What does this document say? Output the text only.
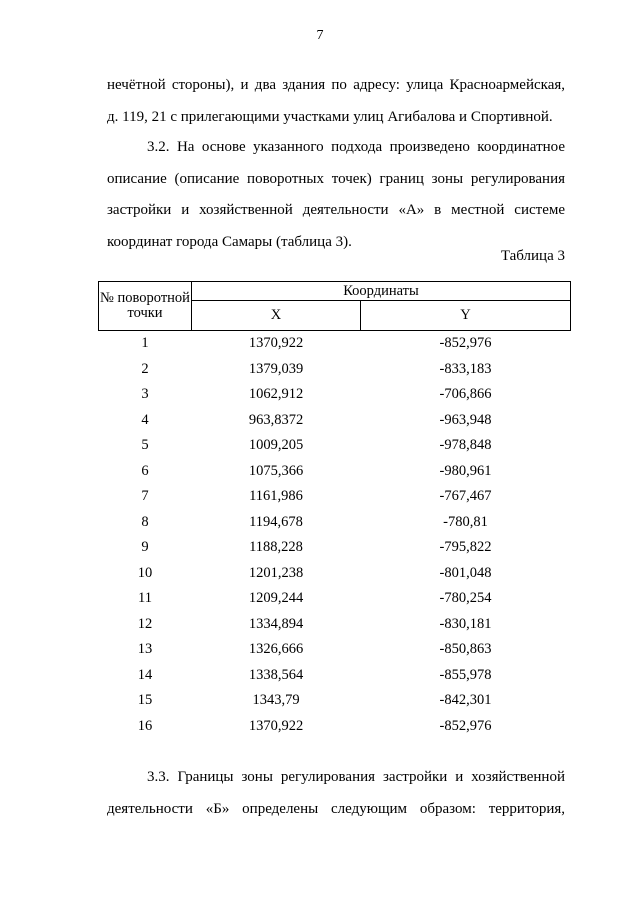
7

нечётной стороны), и два здания по адресу: улица Красноармейская,
д. 119, 21 с прилегающими участками улиц Агибалова и Спортивной.

3.2. На основе указанного подхода произведено координатное
описание (описание поворотных точек) границ зоны регулирования
застройки и хозяйственной деятельности «А» в местной системе
координат города Самары (таблица 3).

Таблица 3
№ поворотной точки	Координаты	
	X	Y
1	1370,922	-852,976
2	1379,039	-833,183
3	1062,912	-706,866
4	963,8372	-963,948
5	1009,205	-978,848
6	1075,366	-980,961
7	1161,986	-767,467
8	1194,678	-780,81
9	1188,228	-795,822
10	1201,238	-801,048
11	1209,244	-780,254
12	1334,894	-830,181
13	1326,666	-850,863
14	1338,564	-855,978
15	1343,79	-842,301
16	1370,922	-852,976

3.3. Границы зоны регулирования застройки и хозяйственной
деятельности «Б» определены следующим образом: территория,
